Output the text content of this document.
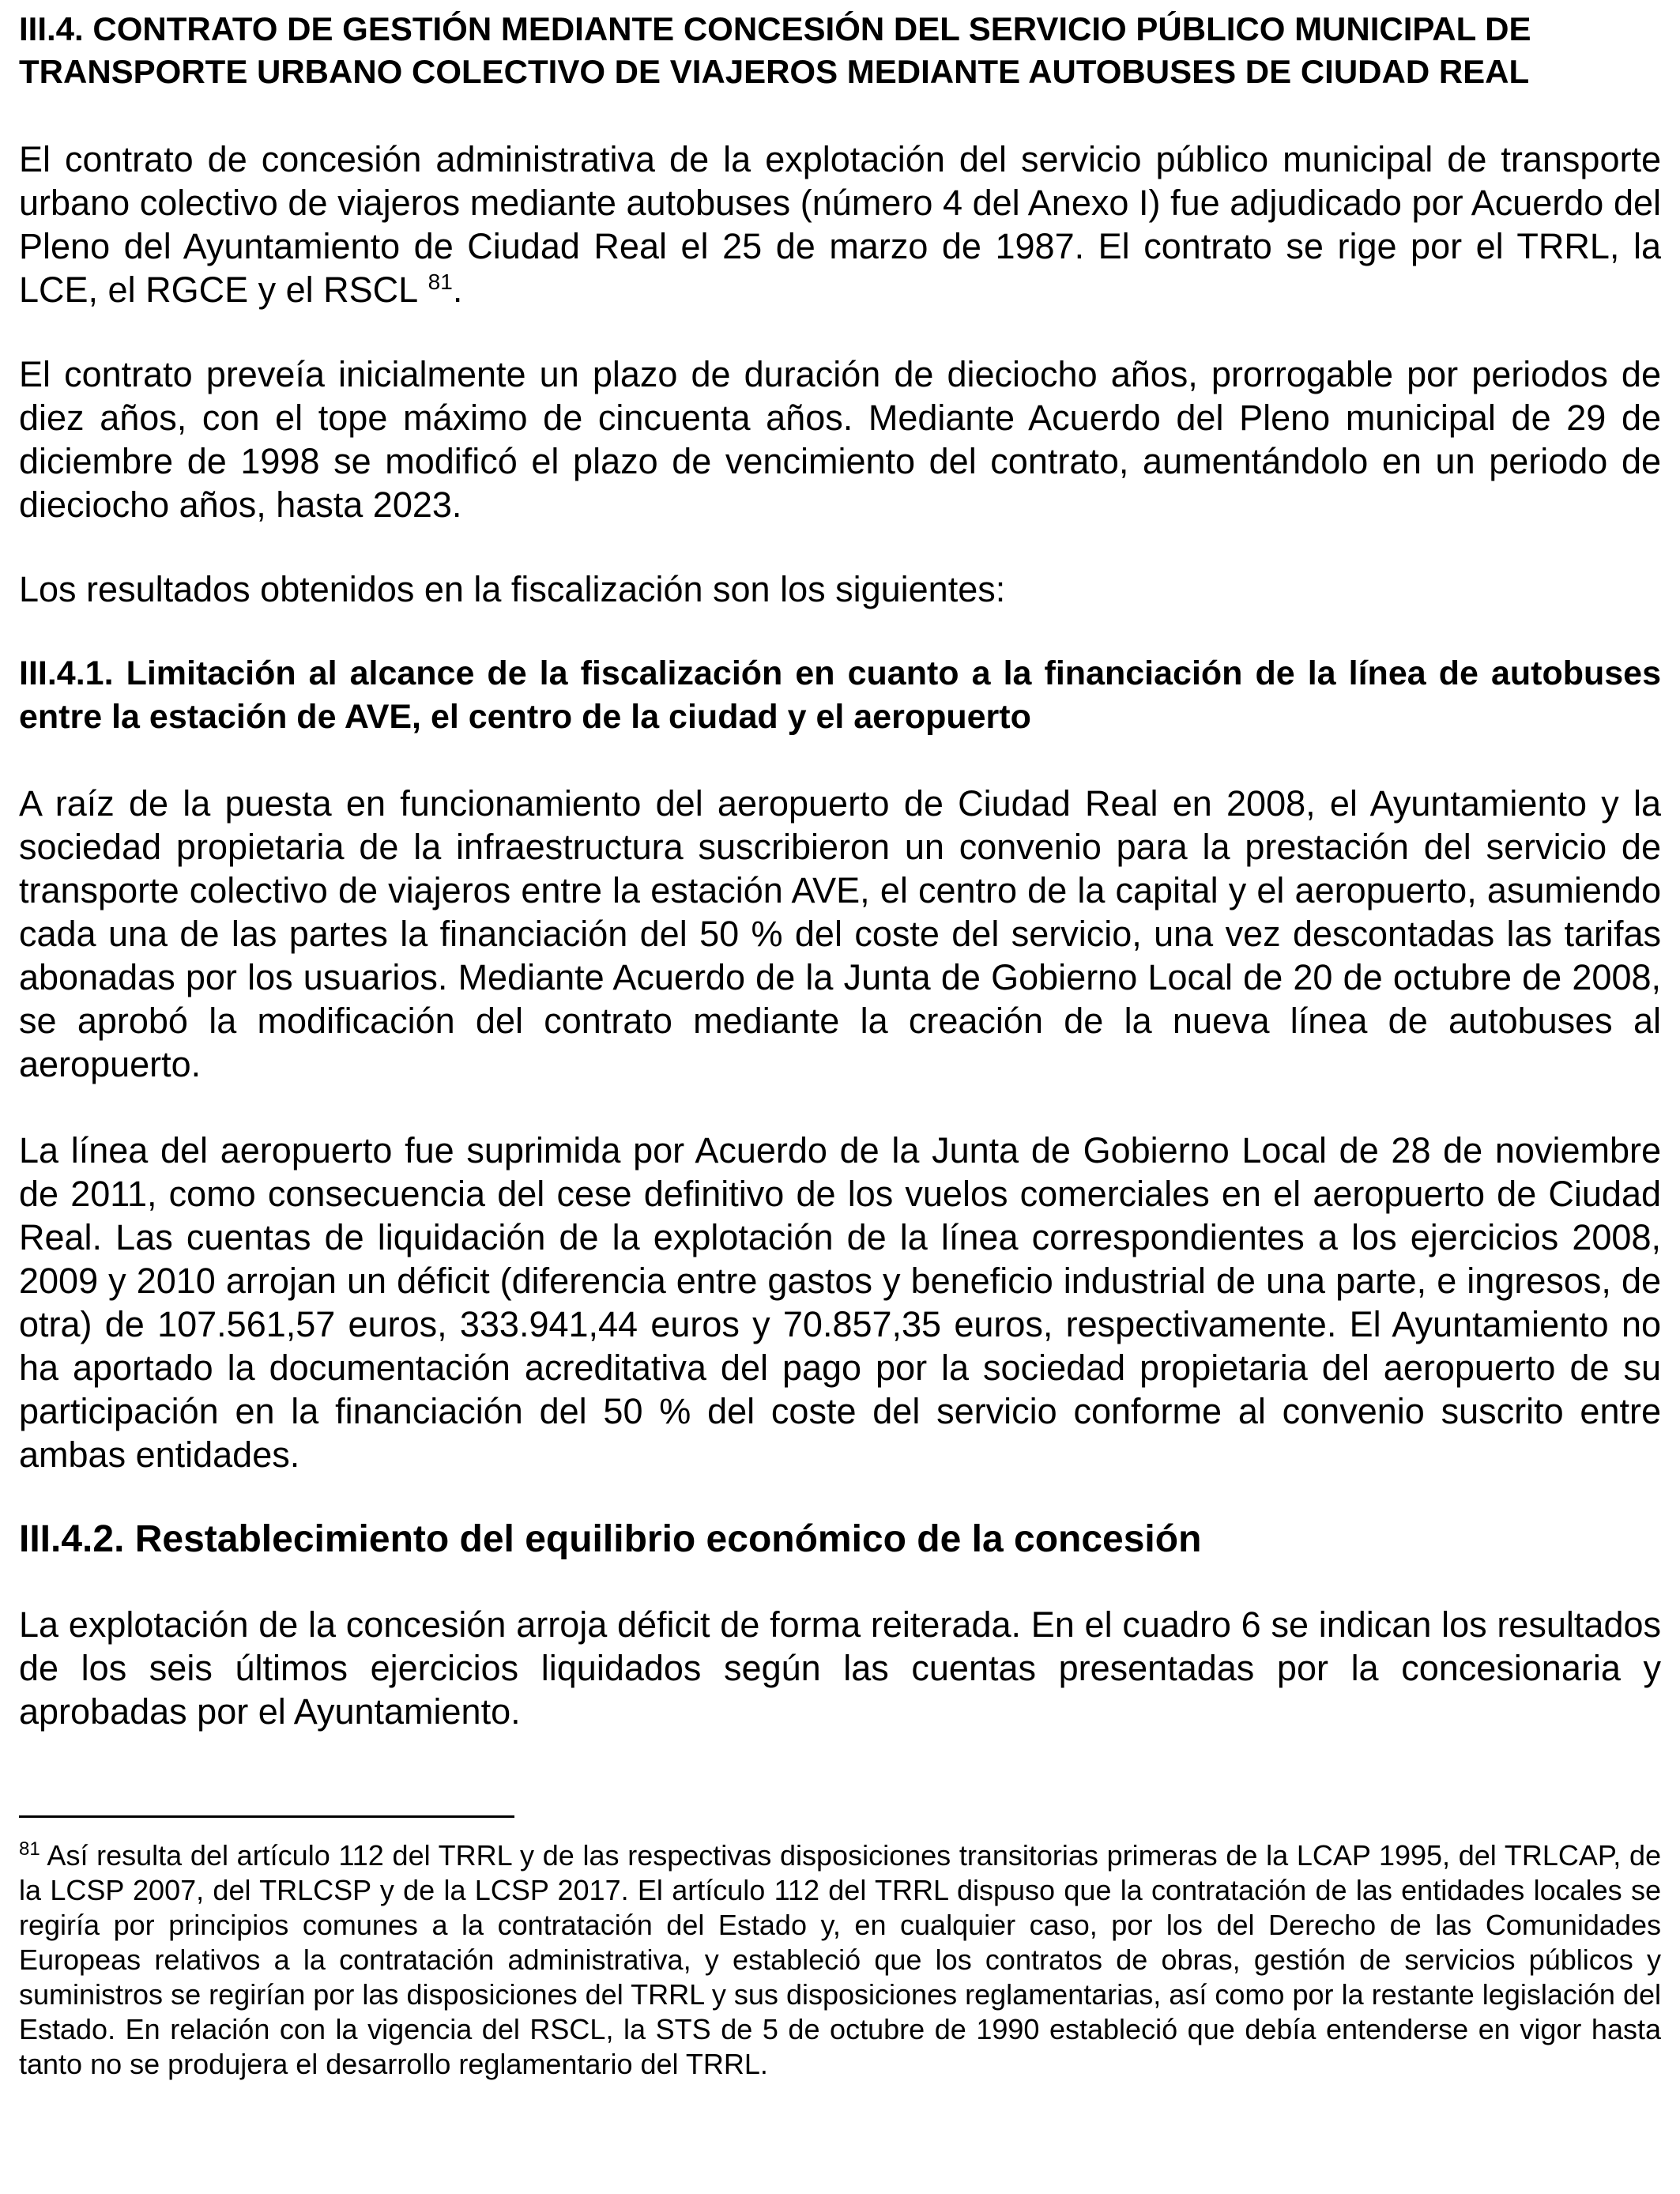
III.4. CONTRATO DE GESTIÓN MEDIANTE CONCESIÓN DEL SERVICIO PÚBLICO MUNICIPAL DE TRANSPORTE URBANO COLECTIVO DE VIAJEROS MEDIANTE AUTOBUSES DE CIUDAD REAL

El contrato de concesión administrativa de la explotación del servicio público municipal de transporte urbano colectivo de viajeros mediante autobuses (número 4 del Anexo I) fue adjudicado por Acuerdo del Pleno del Ayuntamiento de Ciudad Real el 25 de marzo de 1987. El contrato se rige por el TRRL, la LCE, el RGCE y el RSCL $^{81}$.

El contrato preveía inicialmente un plazo de duración de dieciocho años, prorrogable por periodos de diez años, con el tope máximo de cincuenta años. Mediante Acuerdo del Pleno municipal de 29 de diciembre de 1998 se modificó el plazo de vencimiento del contrato, aumentándolo en un periodo de dieciocho años, hasta 2023.

Los resultados obtenidos en la fiscalización son los siguientes:

III.4.1. Limitación al alcance de la fiscalización en cuanto a la financiación de la línea de autobuses entre la estación de AVE, el centro de la ciudad y el aeropuerto

A raíz de la puesta en funcionamiento del aeropuerto de Ciudad Real en 2008, el Ayuntamiento y la sociedad propietaria de la infraestructura suscribieron un convenio para la prestación del servicio de transporte colectivo de viajeros entre la estación AVE, el centro de la capital y el aeropuerto, asumiendo cada una de las partes la financiación del 50 % del coste del servicio, una vez descontadas las tarifas abonadas por los usuarios. Mediante Acuerdo de la Junta de Gobierno Local de 20 de octubre de 2008, se aprobó la modificación del contrato mediante la creación de la nueva línea de autobuses al aeropuerto.

La línea del aeropuerto fue suprimida por Acuerdo de la Junta de Gobierno Local de 28 de noviembre de 2011, como consecuencia del cese definitivo de los vuelos comerciales en el aeropuerto de Ciudad Real. Las cuentas de liquidación de la explotación de la línea correspondientes a los ejercicios 2008, 2009 y 2010 arrojan un déficit (diferencia entre gastos y beneficio industrial de una parte, e ingresos, de otra) de 107.561,57 euros, 333.941,44 euros y 70.857,35 euros, respectivamente. El Ayuntamiento no ha aportado la documentación acreditativa del pago por la sociedad propietaria del aeropuerto de su participación en la financiación del 50 % del coste del servicio conforme al convenio suscrito entre ambas entidades.

III.4.2. Restablecimiento del equilibrio económico de la concesión

La explotación de la concesión arroja déficit de forma reiterada. En el cuadro 6 se indican los resultados de los seis últimos ejercicios liquidados según las cuentas presentadas por la concesionaria y aprobadas por el Ayuntamiento.

$^{81}$ Así resulta del artículo 112 del TRRL y de las respectivas disposiciones transitorias primeras de la LCAP 1995, del TRLCAP, de la LCSP 2007, del TRLCSP y de la LCSP 2017. El artículo 112 del TRRL dispuso que la contratación de las entidades locales se regiría por principios comunes a la contratación del Estado y, en cualquier caso, por los del Derecho de las Comunidades Europeas relativos a la contratación administrativa, y estableció que los contratos de obras, gestión de servicios públicos y suministros se regirían por las disposiciones del TRRL y sus disposiciones reglamentarias, así como por la restante legislación del Estado. En relación con la vigencia del RSCL, la STS de 5 de octubre de 1990 estableció que debía entenderse en vigor hasta tanto no se produjera el desarrollo reglamentario del TRRL.
